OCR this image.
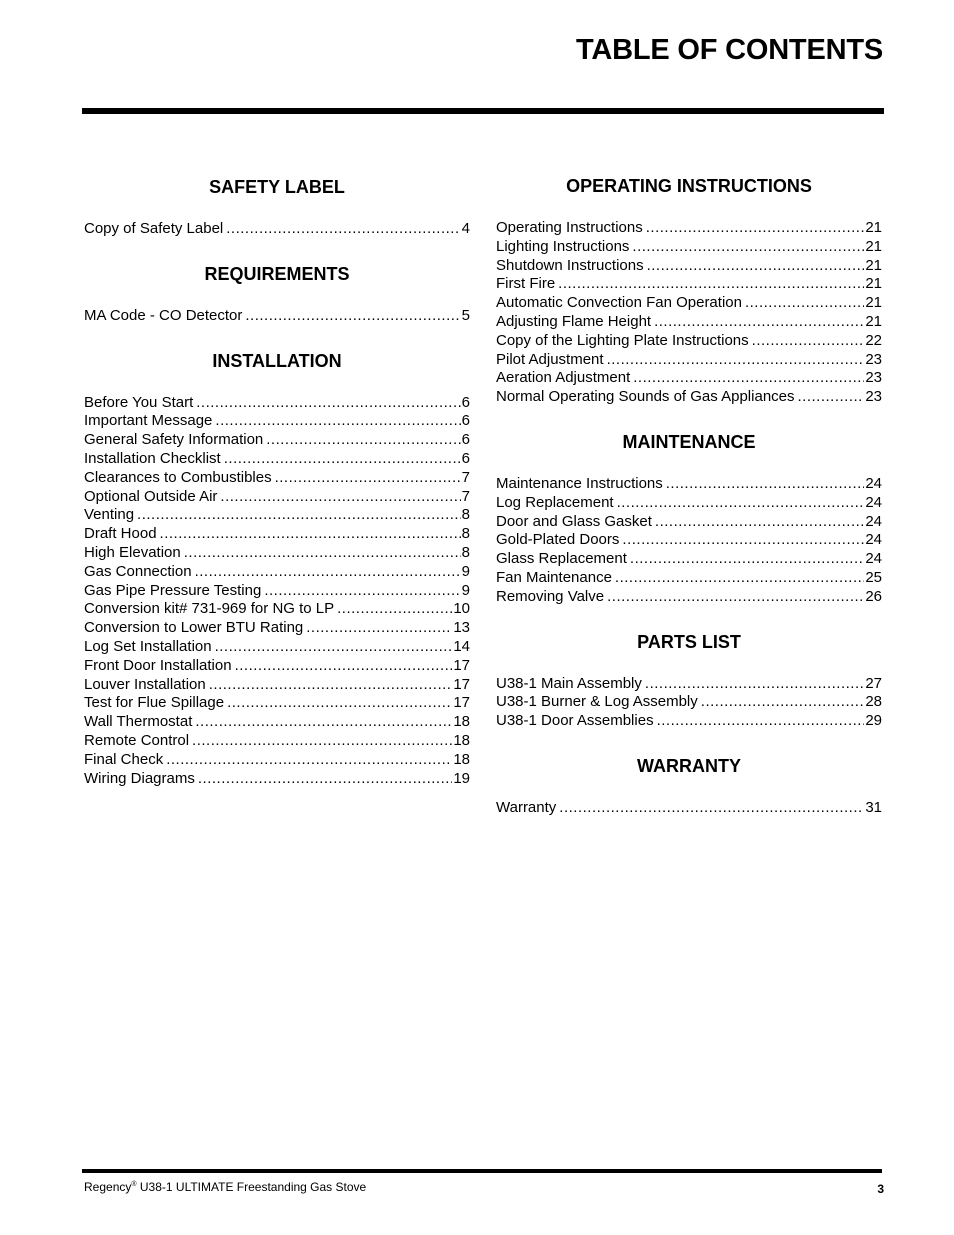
TABLE OF CONTENTS
SAFETY LABEL
Copy of Safety Label .....	4
REQUIREMENTS
MA Code - CO Detector .....	5
INSTALLATION
Before You Start .....	6
Important Message .....	6
General Safety Information .....	6
Installation Checklist .....	6
Clearances to Combustibles .....	7
Optional Outside Air .....	7
Venting .....	8
Draft Hood .....	8
High Elevation .....	8
Gas Connection .....	9
Gas Pipe Pressure Testing .....	9
Conversion kit# 731-969 for NG to LP .....	10
Conversion to Lower BTU Rating .....	13
Log Set Installation .....	14
Front Door Installation .....	17
Louver Installation .....	17
Test for Flue Spillage .....	17
Wall Thermostat .....	18
Remote Control .....	18
Final Check .....	18
Wiring Diagrams .....	19
OPERATING INSTRUCTIONS
Operating Instructions .....	21
Lighting Instructions .....	21
Shutdown Instructions .....	21
First Fire .....	21
Automatic Convection Fan Operation .....	21
Adjusting Flame Height .....	21
Copy of the Lighting Plate Instructions .....	22
Pilot Adjustment .....	23
Aeration Adjustment .....	23
Normal Operating Sounds of Gas Appliances .....	23
MAINTENANCE
Maintenance Instructions .....	24
Log Replacement .....	24
Door and Glass Gasket .....	24
Gold-Plated Doors .....	24
Glass Replacement .....	24
Fan Maintenance .....	25
Removing Valve .....	26
PARTS LIST
U38-1 Main Assembly .....	27
U38-1 Burner & Log Assembly .....	28
U38-1 Door Assemblies .....	29
WARRANTY
Warranty .....	31
Regency® U38-1 ULTIMATE Freestanding Gas Stove	3
